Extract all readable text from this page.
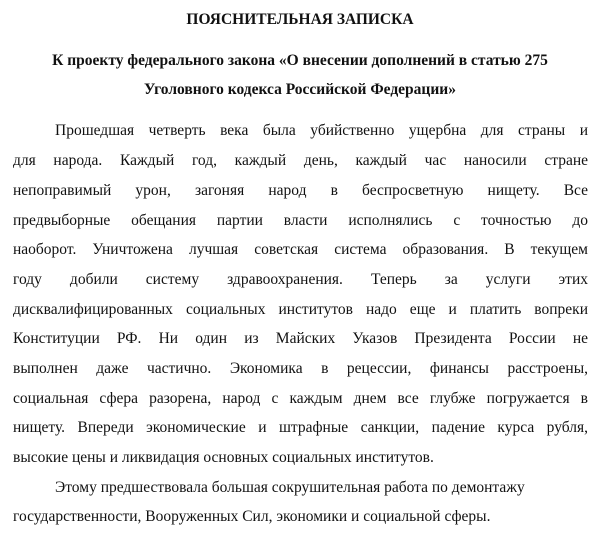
ПОЯСНИТЕЛЬНАЯ ЗАПИСКА
К проекту федерального закона «О внесении дополнений в статью 275
Уголовного кодекса Российской Федерации»
Прошедшая четверть века была убийственно ущербна для страны и
для народа. Каждый год, каждый день, каждый час наносили стране
непоправимый урон, загоняя народ в беспросветную нищету. Все
предвыборные обещания партии власти исполнялись с точностью до
наоборот. Уничтожена лучшая советская система образования. В текущем
году добили систему здравоохранения. Теперь за услуги этих
дисквалифицированных социальных институтов надо еще и платить вопреки
Конституции РФ. Ни один из Майских Указов Президента России не
выполнен даже частично. Экономика в рецессии, финансы расстроены,
социальная сфера разорена, народ с каждым днем все глубже погружается в
нищету. Впереди экономические и штрафные санкции, падение курса рубля,
высокие цены и ликвидация основных социальных институтов.
Этому предшествовала большая сокрушительная работа по демонтажу
государственности, Вооруженных Сил, экономики и социальной сферы.
